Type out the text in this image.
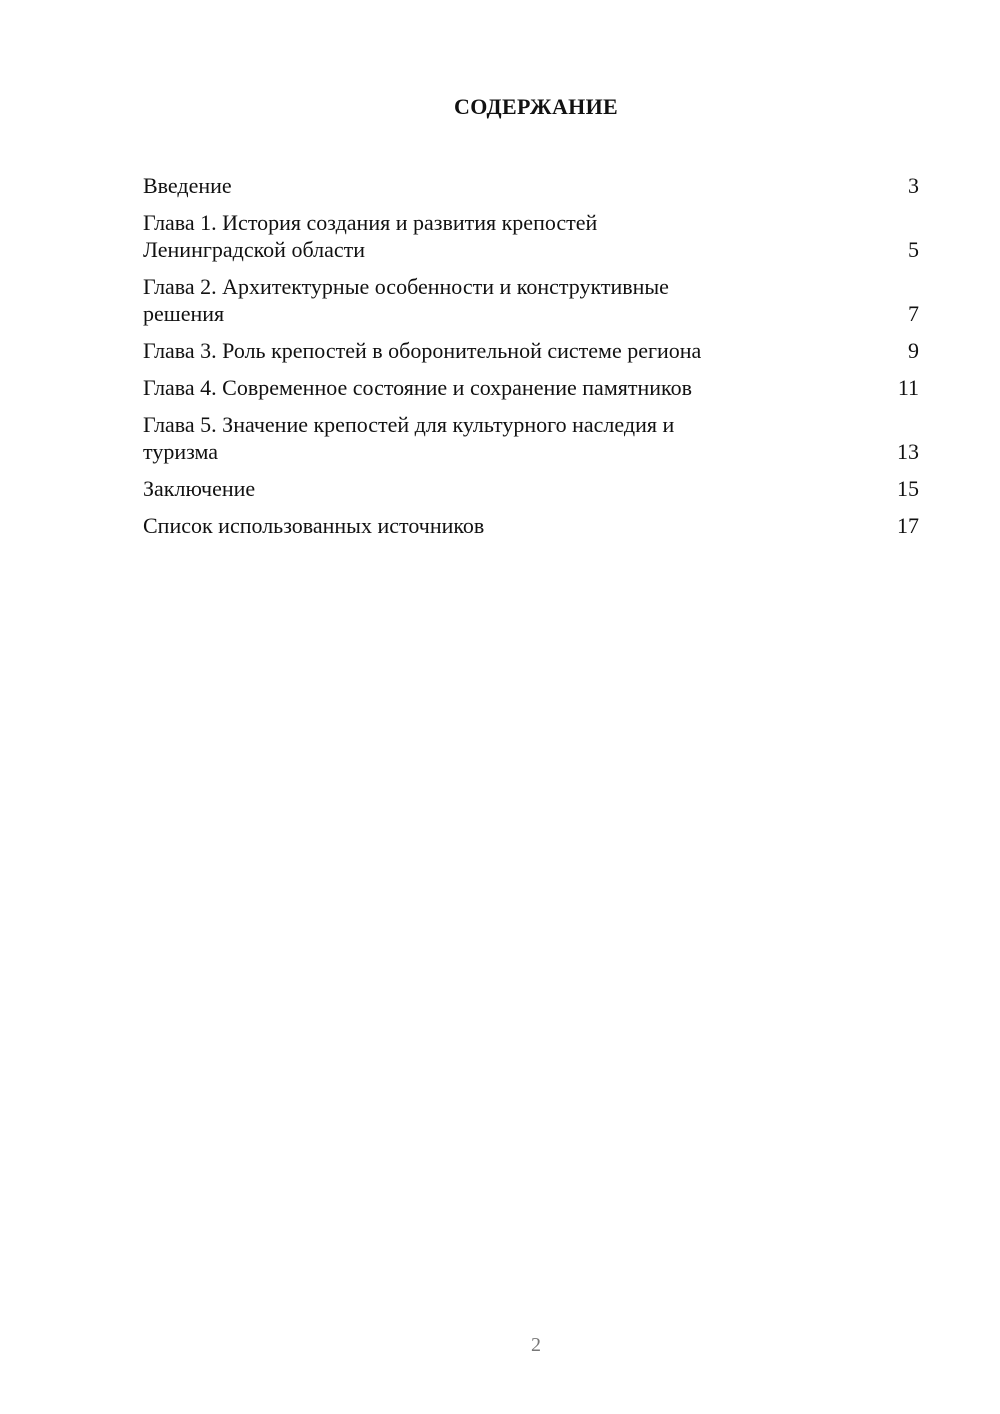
СОДЕРЖАНИЕ
Введение	3
Глава 1. История создания и развития крепостей
Ленинградской области	5
Глава 2. Архитектурные особенности и конструктивные
решения	7
Глава 3. Роль крепостей в оборонительной системе региона	9
Глава 4. Современное состояние и сохранение памятников	11
Глава 5. Значение крепостей для культурного наследия и
туризма	13
Заключение	15
Список использованных источников	17
2
